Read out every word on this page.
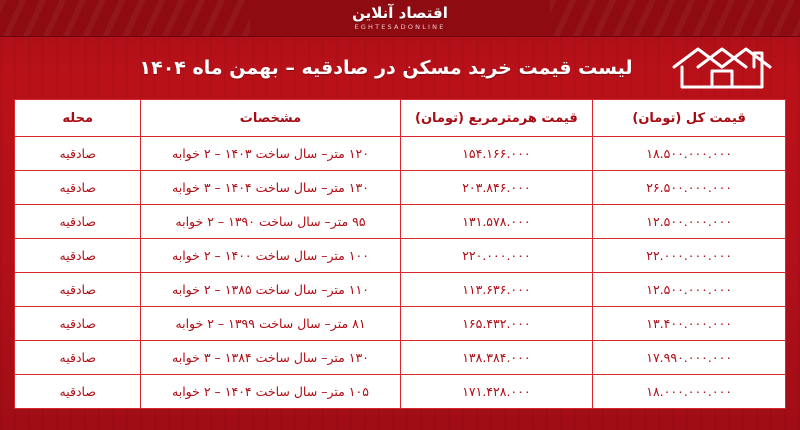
اقتصاد آنلاین
EGHTESADONLINE
لیست قیمت خرید مسکن در صادقیه – بهمن ماه ۱۴۰۴
قیمت کل (تومان)	قیمت هرمترمربع (تومان)	مشخصات	محله
۱۸.۵۰۰.۰۰۰.۰۰۰	۱۵۴.۱۶۶.۰۰۰	۱۲۰ متر– سال ساخت ۱۴۰۳ – ۲ خوابه	صادقیه
۲۶.۵۰۰.۰۰۰.۰۰۰	۲۰۳.۸۴۶.۰۰۰	۱۳۰ متر– سال ساخت ۱۴۰۴ – ۳ خوابه	صادقیه
۱۲.۵۰۰.۰۰۰.۰۰۰	۱۳۱.۵۷۸.۰۰۰	۹۵ متر– سال ساخت ۱۳۹۰ – ۲ خوابه	صادقیه
۲۲.۰۰۰.۰۰۰.۰۰۰	۲۲۰.۰۰۰.۰۰۰	۱۰۰ متر– سال ساخت ۱۴۰۰ – ۲ خوابه	صادقیه
۱۲.۵۰۰.۰۰۰.۰۰۰	۱۱۳.۶۳۶.۰۰۰	۱۱۰ متر– سال ساخت ۱۳۸۵ – ۲ خوابه	صادقیه
۱۳.۴۰۰.۰۰۰.۰۰۰	۱۶۵.۴۳۲.۰۰۰	۸۱ متر– سال ساخت ۱۳۹۹ – ۲ خوابه	صادقیه
۱۷.۹۹۰.۰۰۰.۰۰۰	۱۳۸.۳۸۴.۰۰۰	۱۳۰ متر– سال ساخت ۱۳۸۴ – ۳ خوابه	صادقیه
۱۸.۰۰۰.۰۰۰.۰۰۰	۱۷۱.۴۲۸.۰۰۰	۱۰۵ متر– سال ساخت ۱۴۰۴ – ۲ خوابه	صادقیه
